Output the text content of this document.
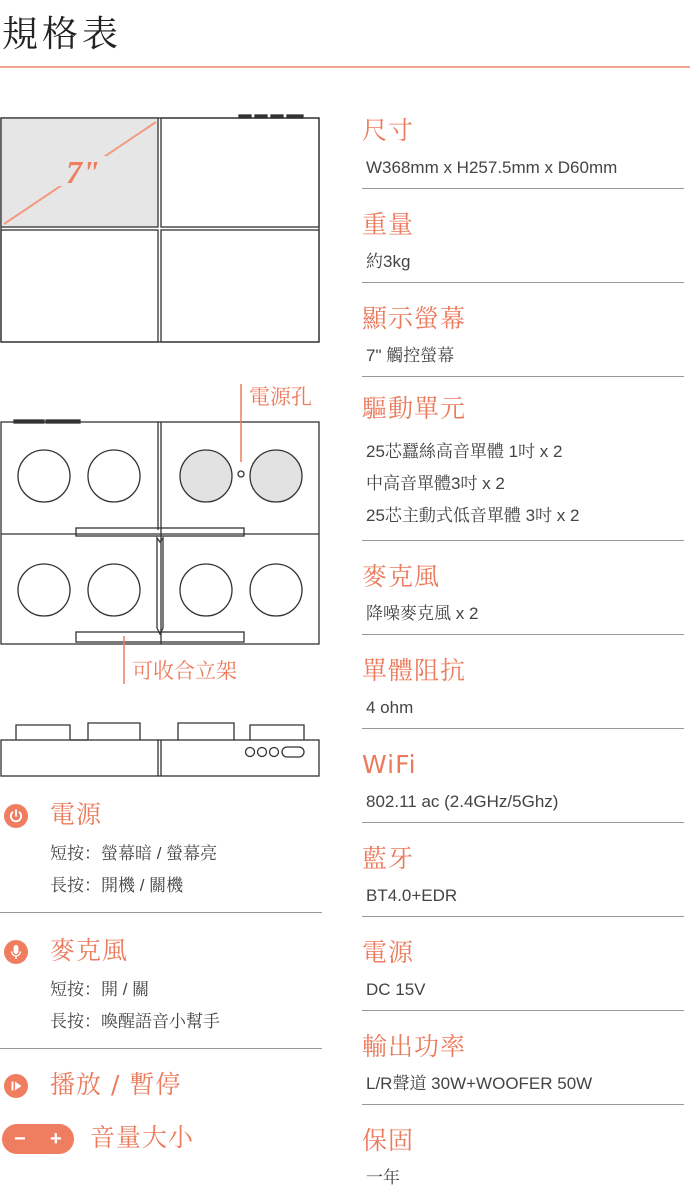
規格表
7"
電源孔
可收合立架
尺寸
W368mm x H257.5mm x D60mm
重量
約3kg
顯示螢幕
7" 觸控螢幕
驅動單元
25芯蠶絲高音單體 1吋 x 2
中高音單體3吋 x 2
25芯主動式低音單體 3吋 x 2
麥克風
降噪麥克風 x 2
單體阻抗
4 ohm
WiFi
802.11 ac (2.4GHz/5Ghz)
藍牙
BT4.0+EDR
電源
DC 15V
輸出功率
L/R聲道 30W+WOOFER 50W
保固
一年
電源
短按：螢幕暗 / 螢幕亮
長按：開機 / 關機
麥克風
短按：開 / 關
長按：喚醒語音小幫手
播放 / 暫停
− + 音量大小
